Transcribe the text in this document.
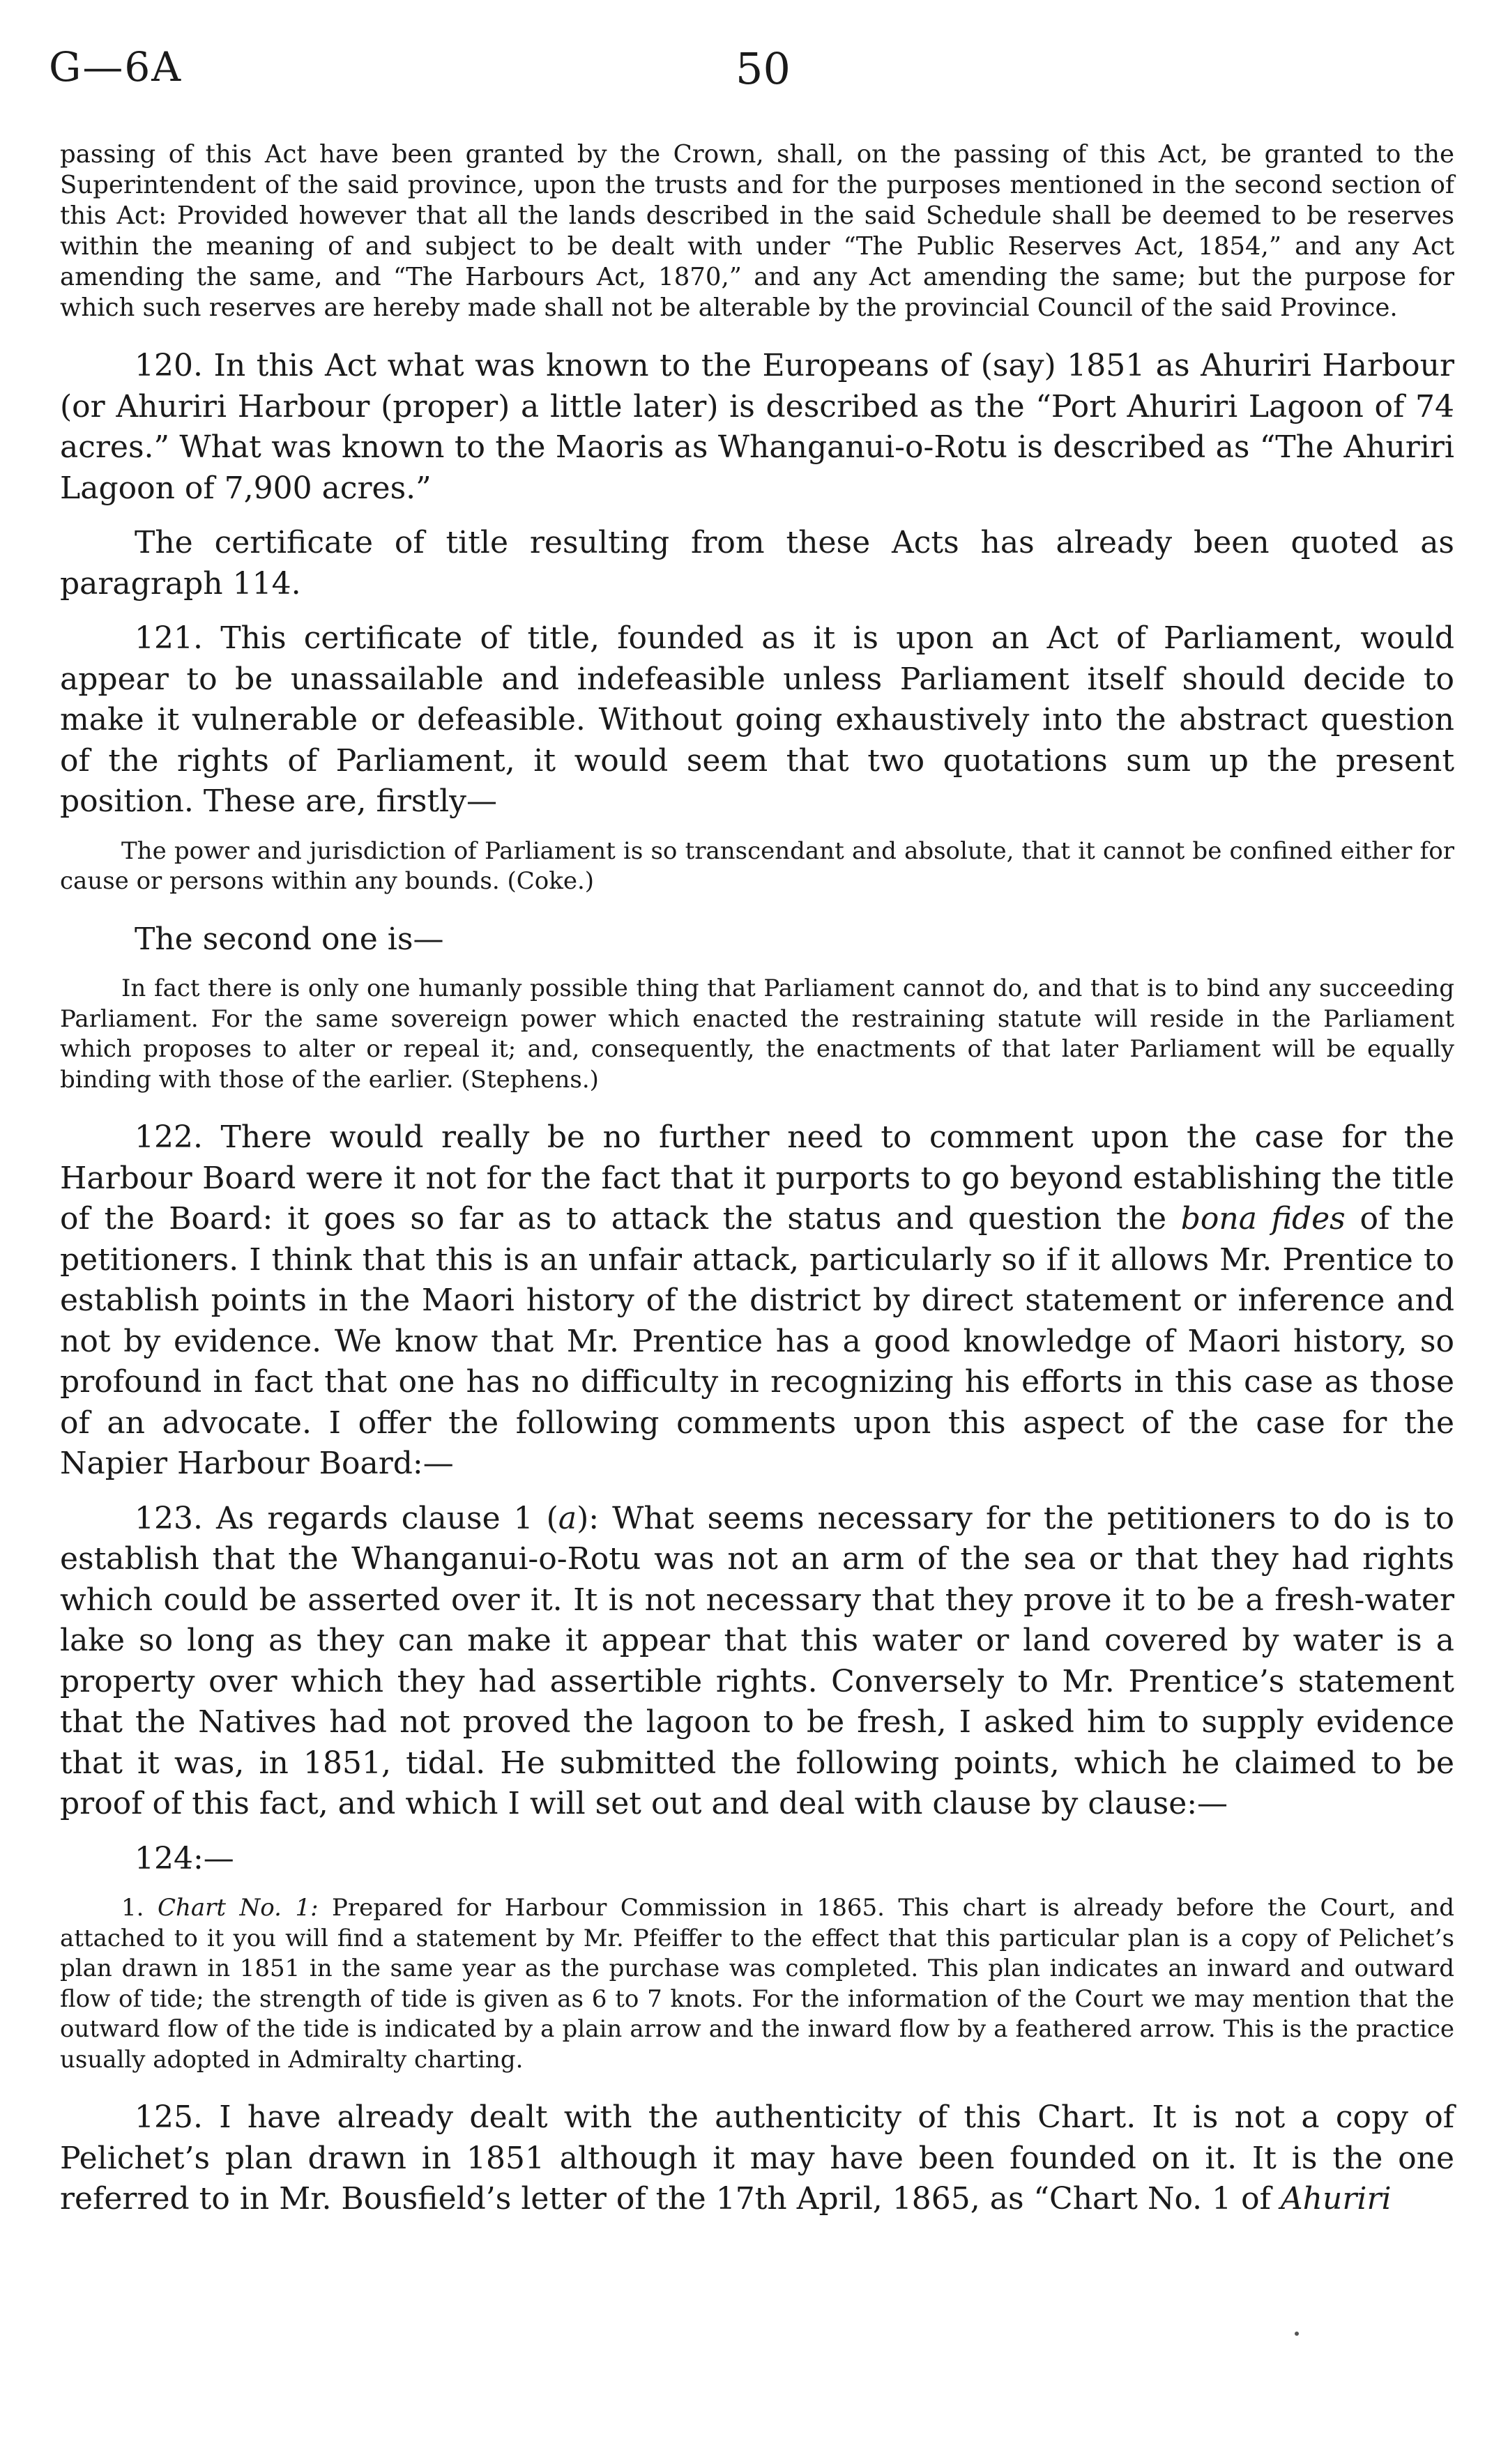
G—6A	50

passing of this Act have been granted by the Crown, shall, on the passing of this Act, be granted to the Superintendent of the said province, upon the trusts and for the purposes mentioned in the second section of this Act: Provided however that all the lands described in the said Schedule shall be deemed to be reserves within the meaning of and subject to be dealt with under “The Public Reserves Act, 1854,” and any Act amending the same, and “The Harbours Act, 1870,” and any Act amending the same; but the purpose for which such reserves are hereby made shall not be alterable by the provincial Council of the said Province.

120. In this Act what was known to the Europeans of (say) 1851 as Ahuriri Harbour (or Ahuriri Harbour (proper) a little later) is described as the “Port Ahuriri Lagoon of 74 acres.” What was known to the Maoris as Whanganui-o-Rotu is described as “The Ahuriri Lagoon of 7,900 acres.”

The certificate of title resulting from these Acts has already been quoted as paragraph 114.

121. This certificate of title, founded as it is upon an Act of Parliament, would appear to be unassailable and indefeasible unless Parliament itself should decide to make it vulnerable or defeasible. Without going exhaustively into the abstract question of the rights of Parliament, it would seem that two quotations sum up the present position. These are, firstly—

The power and jurisdiction of Parliament is so transcendant and absolute, that it cannot be confined either for cause or persons within any bounds. (Coke.)

The second one is—

In fact there is only one humanly possible thing that Parliament cannot do, and that is to bind any succeeding Parliament. For the same sovereign power which enacted the restraining statute will reside in the Parliament which proposes to alter or repeal it; and, consequently, the enactments of that later Parliament will be equally binding with those of the earlier. (Stephens.)

122. There would really be no further need to comment upon the case for the Harbour Board were it not for the fact that it purports to go beyond establishing the title of the Board: it goes so far as to attack the status and question the bona fides of the petitioners. I think that this is an unfair attack, particularly so if it allows Mr. Prentice to establish points in the Maori history of the district by direct statement or inference and not by evidence. We know that Mr. Prentice has a good knowledge of Maori history, so profound in fact that one has no difficulty in recognizing his efforts in this case as those of an advocate. I offer the following comments upon this aspect of the case for the Napier Harbour Board:—

123. As regards clause 1 (a): What seems necessary for the petitioners to do is to establish that the Whanganui-o-Rotu was not an arm of the sea or that they had rights which could be asserted over it. It is not necessary that they prove it to be a fresh-water lake so long as they can make it appear that this water or land covered by water is a property over which they had assertible rights. Conversely to Mr. Prentice’s statement that the Natives had not proved the lagoon to be fresh, I asked him to supply evidence that it was, in 1851, tidal. He submitted the following points, which he claimed to be proof of this fact, and which I will set out and deal with clause by clause:—

124:—

1. Chart No. 1: Prepared for Harbour Commission in 1865. This chart is already before the Court, and attached to it you will find a statement by Mr. Pfeiffer to the effect that this particular plan is a copy of Pelichet’s plan drawn in 1851 in the same year as the purchase was completed. This plan indicates an inward and outward flow of tide; the strength of tide is given as 6 to 7 knots. For the information of the Court we may mention that the outward flow of the tide is indicated by a plain arrow and the inward flow by a feathered arrow. This is the practice usually adopted in Admiralty charting.

125. I have already dealt with the authenticity of this Chart. It is not a copy of Pelichet’s plan drawn in 1851 although it may have been founded on it. It is the one referred to in Mr. Bousfield’s letter of the 17th April, 1865, as “Chart No. 1 of Ahuriri
